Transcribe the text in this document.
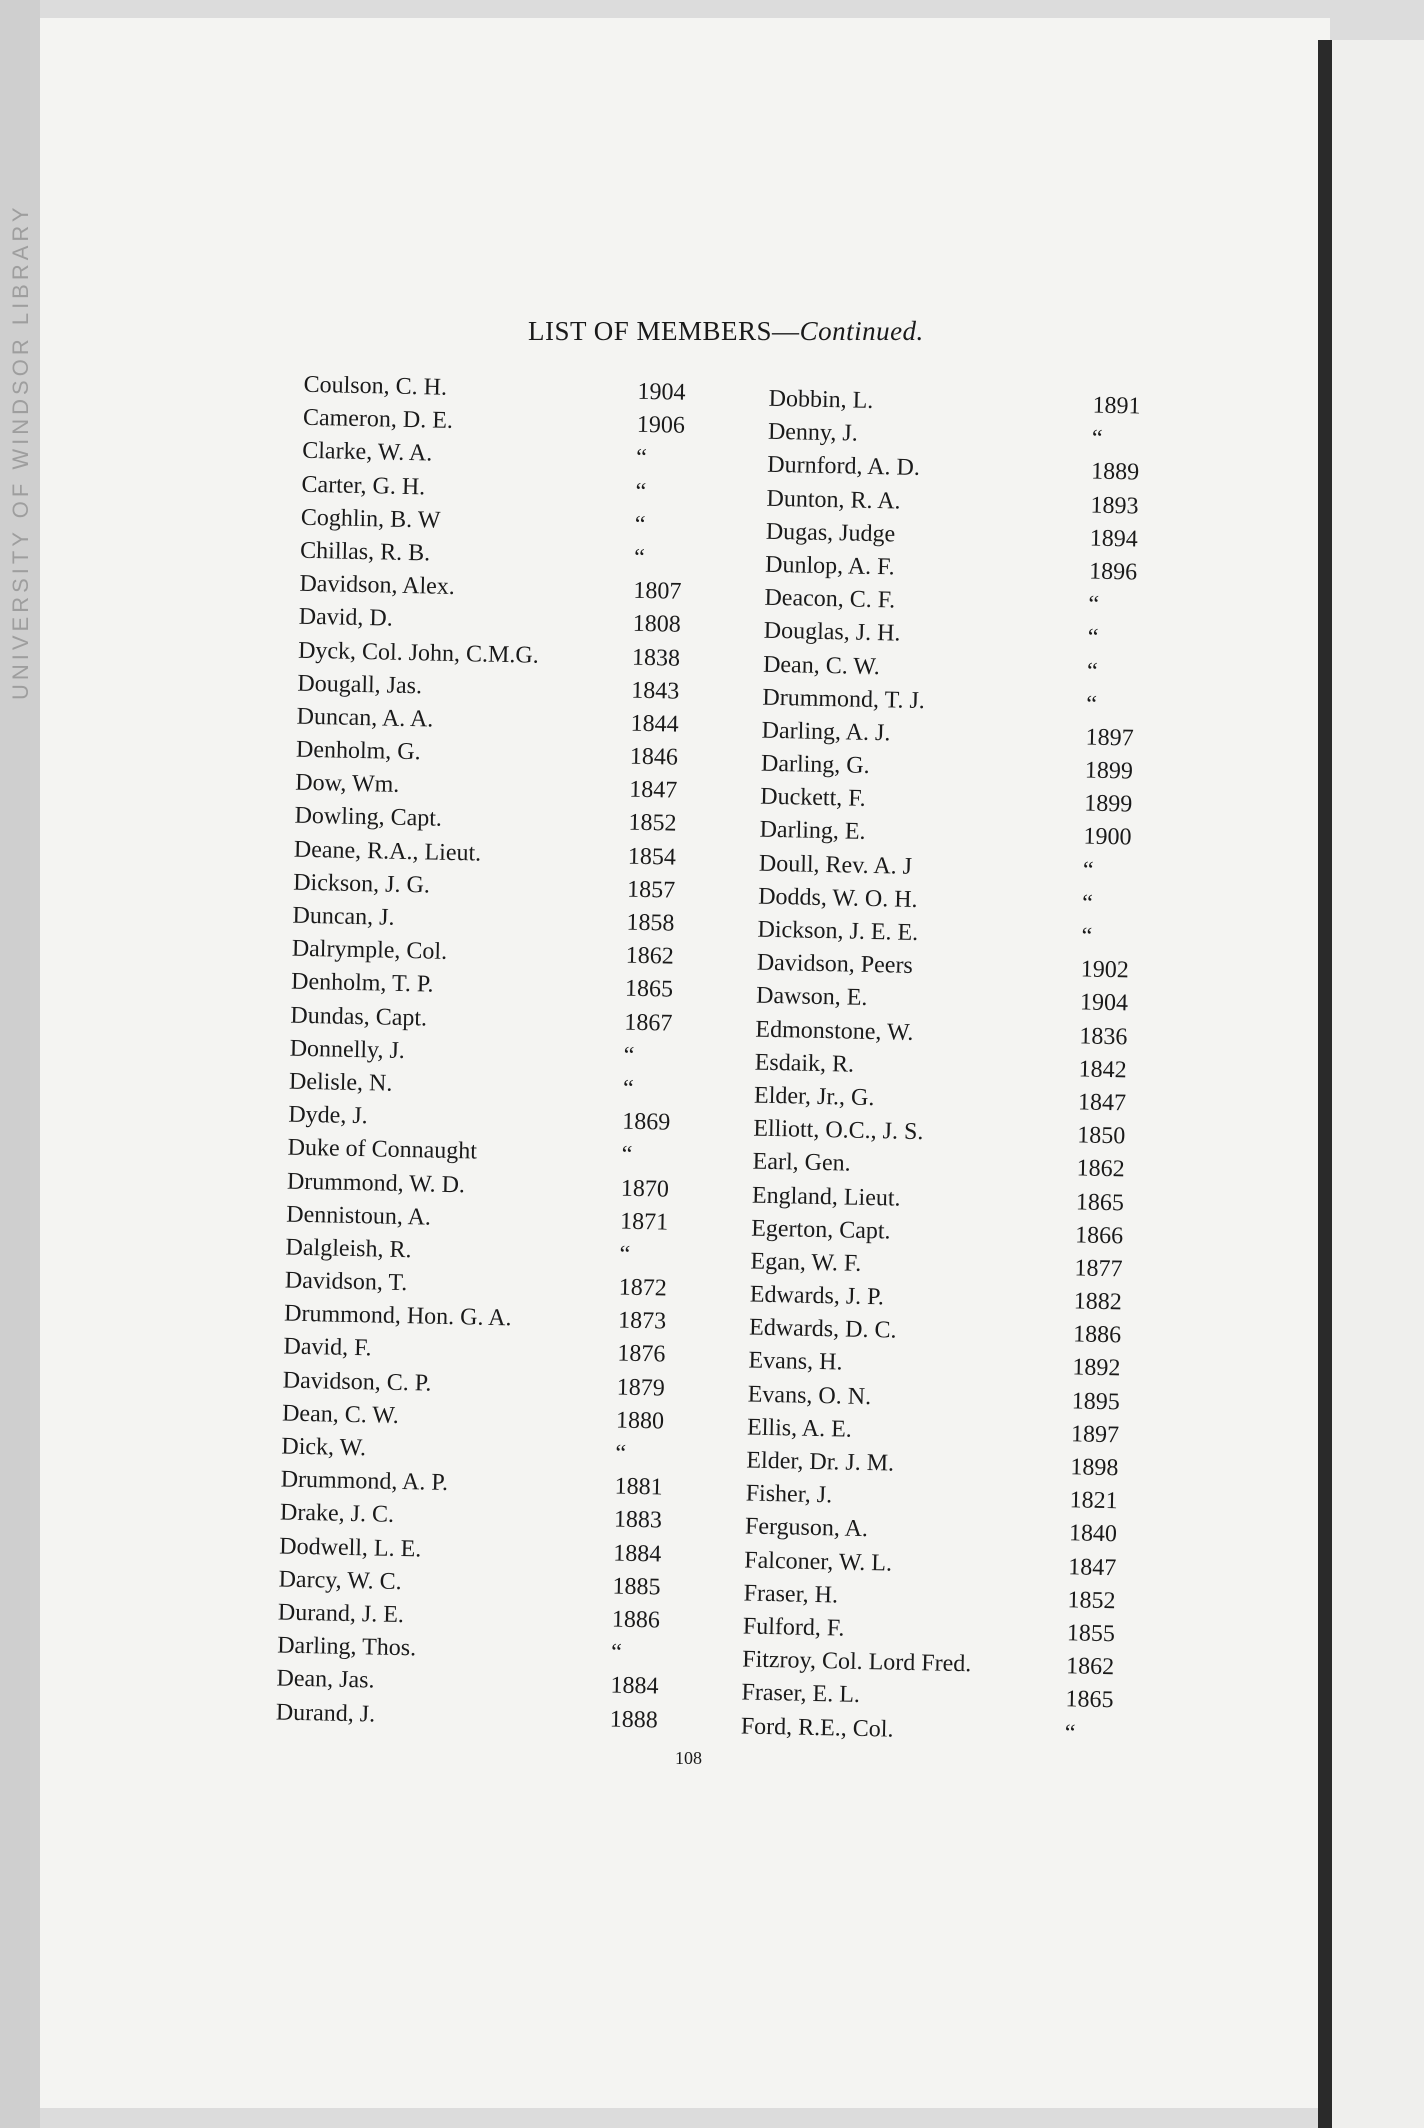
UNIVERSITY OF WINDSOR LIBRARY	LIST OF MEMBERS—Continued.
Coulson, C. H.	1904
Cameron, D. E.	1906
Clarke, W. A.	“
Carter, G. H.	“
Coghlin, B. W	“
Chillas, R. B.	“
Davidson, Alex.	1807
David, D.	1808
Dyck, Col. John, C.M.G.	1838
Dougall, Jas.	1843
Duncan, A. A.	1844
Denholm, G.	1846
Dow, Wm.	1847
Dowling, Capt.	1852
Deane, R.A., Lieut.	1854
Dickson, J. G.	1857
Duncan, J.	1858
Dalrymple, Col.	1862
Denholm, T. P.	1865
Dundas, Capt.	1867
Donnelly, J.	“
Delisle, N.	“
Dyde, J.	1869
Duke of Connaught	“
Drummond, W. D.	1870
Dennistoun, A.	1871
Dalgleish, R.	“
Davidson, T.	1872
Drummond, Hon. G. A.	1873
David, F.	1876
Davidson, C. P.	1879
Dean, C. W.	1880
Dick, W.	“
Drummond, A. P.	1881
Drake, J. C.	1883
Dodwell, L. E.	1884
Darcy, W. C.	1885
Durand, J. E.	1886
Darling, Thos.	“
Dean, Jas.	1884
Durand, J.	1888
Dobbin, L.	1891
Denny, J.	“
Durnford, A. D.	1889
Dunton, R. A.	1893
Dugas, Judge	1894
Dunlop, A. F.	1896
Deacon, C. F.	“
Douglas, J. H.	“
Dean, C. W.	“
Drummond, T. J.	“
Darling, A. J.	1897
Darling, G.	1899
Duckett, F.	1899
Darling, E.	1900
Doull, Rev. A. J	“
Dodds, W. O. H.	“
Dickson, J. E. E.	“
Davidson, Peers	1902
Dawson, E.	1904
Edmonstone, W.	1836
Esdaik, R.	1842
Elder, Jr., G.	1847
Elliott, O.C., J. S.	1850
Earl, Gen.	1862
England, Lieut.	1865
Egerton, Capt.	1866
Egan, W. F.	1877
Edwards, J. P.	1882
Edwards, D. C.	1886
Evans, H.	1892
Evans, O. N.	1895
Ellis, A. E.	1897
Elder, Dr. J. M.	1898
Fisher, J.	1821
Ferguson, A.	1840
Falconer, W. L.	1847
Fraser, H.	1852
Fulford, F.	1855
Fitzroy, Col. Lord Fred.	1862
Fraser, E. L.	1865
Ford, R.E., Col.	“
108
